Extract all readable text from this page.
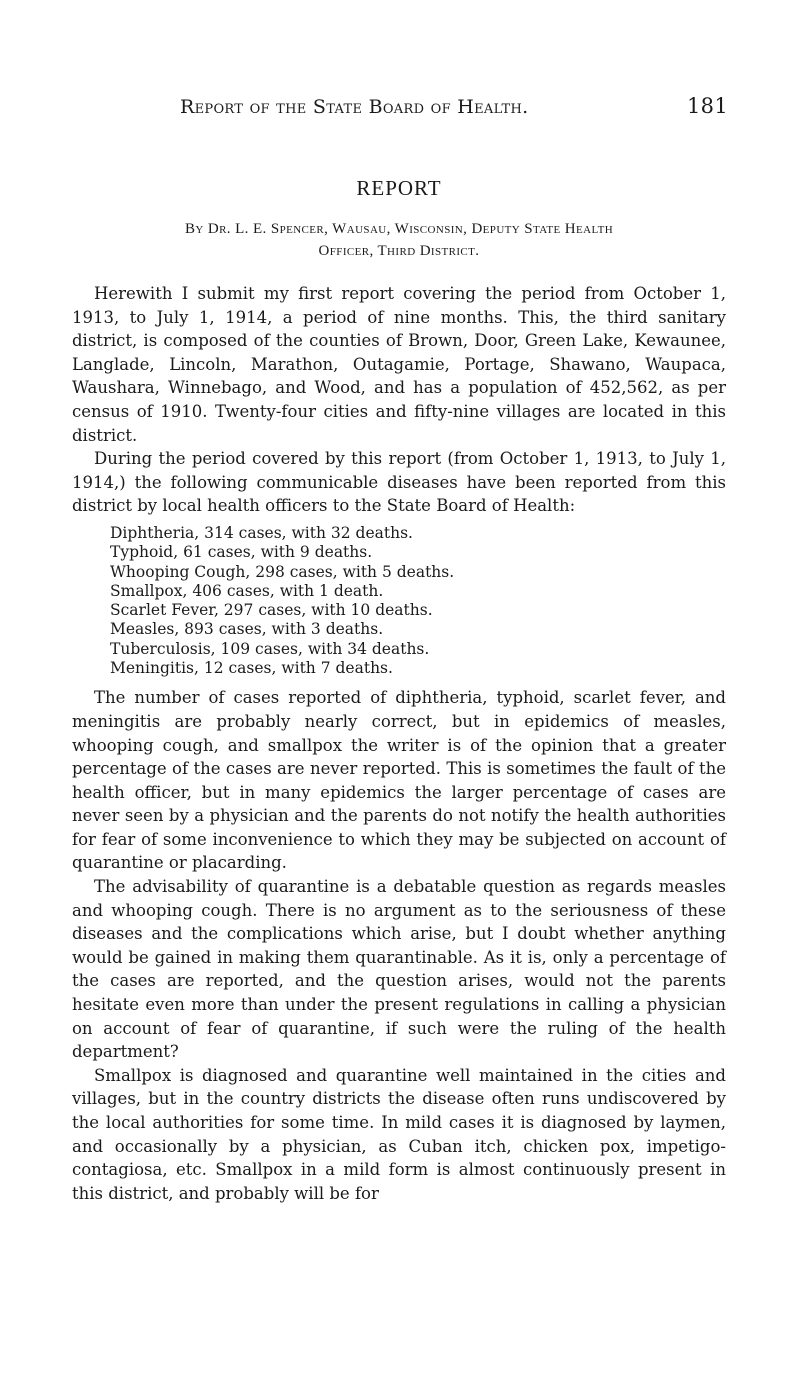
Report of the State Board of Health.	181
REPORT
By Dr. L. E. Spencer, Wausau, Wisconsin, Deputy State Health
Officer, Third District.

Herewith I submit my first report covering the period from October 1, 1913, to July 1, 1914, a period of nine months. This, the third sanitary district, is composed of the counties of Brown, Door, Green Lake, Kewaunee, Langlade, Lincoln, Marathon, Outagamie, Portage, Shawano, Waupaca, Waushara, Winnebago, and Wood, and has a population of 452,562, as per census of 1910. Twenty-four cities and fifty-nine villages are located in this district.

During the period covered by this report (from October 1, 1913, to July 1, 1914,) the following communicable diseases have been reported from this district by local health officers to the State Board of Health:

Diphtheria, 314 cases, with 32 deaths.
Typhoid, 61 cases, with 9 deaths.
Whooping Cough, 298 cases, with 5 deaths.
Smallpox, 406 cases, with 1 death.
Scarlet Fever, 297 cases, with 10 deaths.
Measles, 893 cases, with 3 deaths.
Tuberculosis, 109 cases, with 34 deaths.
Meningitis, 12 cases, with 7 deaths.

The number of cases reported of diphtheria, typhoid, scarlet fever, and meningitis are probably nearly correct, but in epidemics of measles, whooping cough, and smallpox the writer is of the opinion that a greater percentage of the cases are never reported. This is sometimes the fault of the health officer, but in many epidemics the larger percentage of cases are never seen by a physician and the parents do not notify the health authorities for fear of some inconvenience to which they may be subjected on account of quarantine or placarding.

The advisability of quarantine is a debatable question as regards measles and whooping cough. There is no argument as to the seriousness of these diseases and the complications which arise, but I doubt whether anything would be gained in making them quarantinable. As it is, only a percentage of the cases are reported, and the question arises, would not the parents hesitate even more than under the present regulations in calling a physician on account of fear of quarantine, if such were the ruling of the health department?

Smallpox is diagnosed and quarantine well maintained in the cities and villages, but in the country districts the disease often runs undiscovered by the local authorities for some time. In mild cases it is diagnosed by laymen, and occasionally by a physician, as Cuban itch, chicken pox, impetigo-contagiosa, etc. Smallpox in a mild form is almost continuously present in this district, and probably will be for
